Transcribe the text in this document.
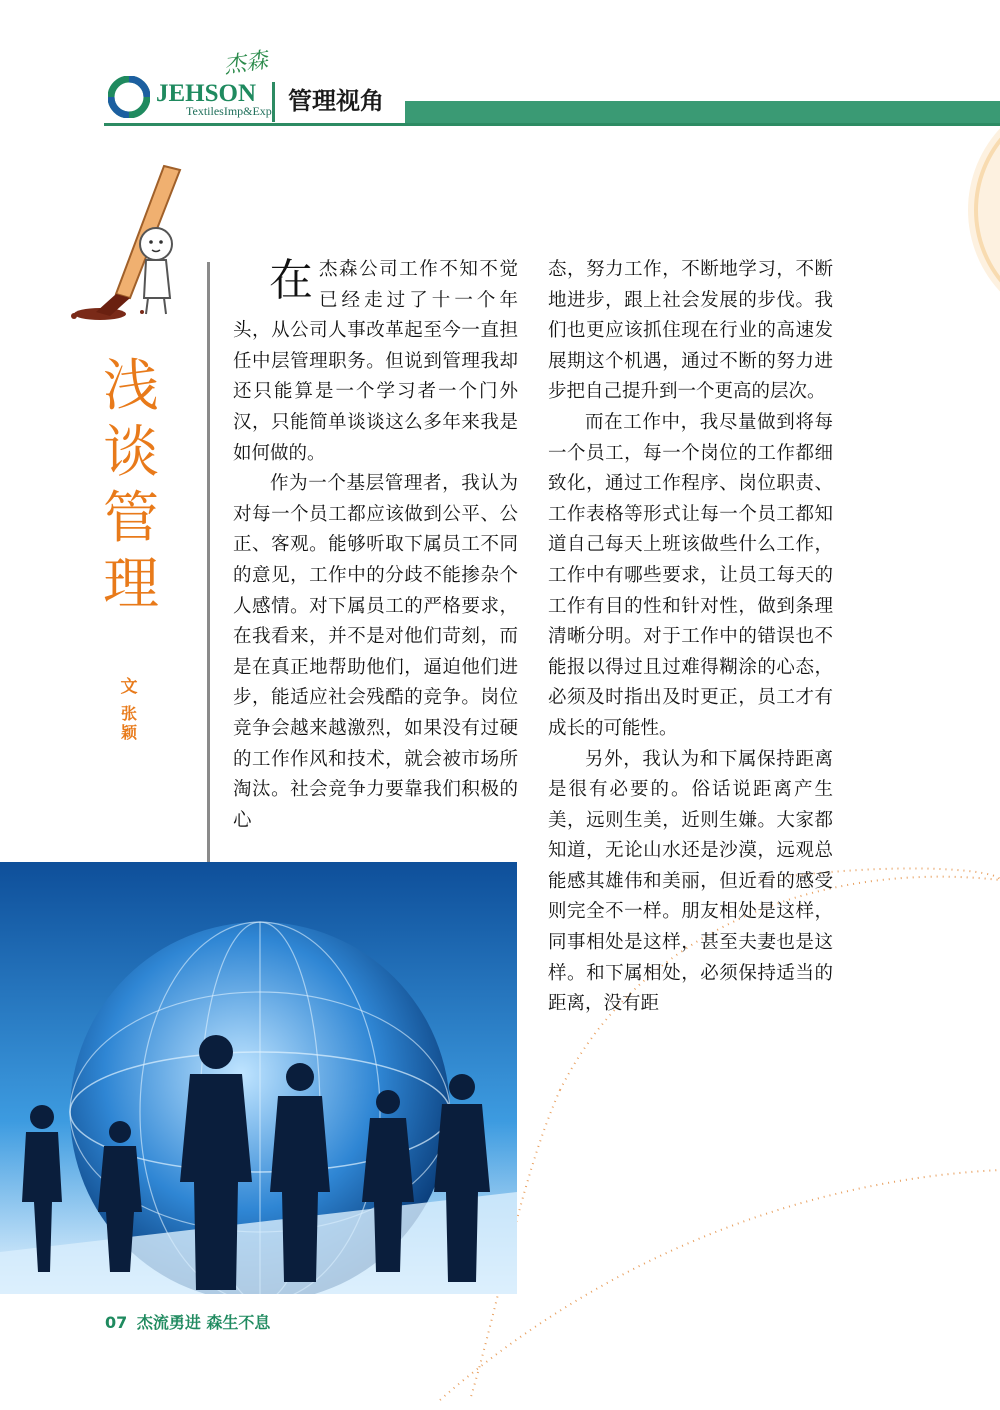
JEHSON
杰森
TextilesImp&Exp 管理视角
浅
谈
管
理
文
张颖

在杰森公司工作不知不觉已经走过了十一个年头，从公司人事改革起至今一直担任中层管理职务。但说到管理我却还只能算是一个学习者一个门外汉，只能简单谈谈这么多年来我是如何做的。

作为一个基层管理者，我认为对每一个员工都应该做到公平、公正、客观。能够听取下属员工不同的意见，工作中的分歧不能掺杂个人感情。对下属员工的严格要求，在我看来，并不是对他们苛刻，而是在真正地帮助他们，逼迫他们进步，能适应社会残酷的竞争。岗位竞争会越来越激烈，如果没有过硬的工作作风和技术，就会被市场所淘汰。社会竞争力要靠我们积极的心

态，努力工作，不断地学习，不断地进步，跟上社会发展的步伐。我们也更应该抓住现在行业的高速发展期这个机遇，通过不断的努力进步把自己提升到一个更高的层次。

而在工作中，我尽量做到将每一个员工，每一个岗位的工作都细致化，通过工作程序、岗位职责、工作表格等形式让每一个员工都知道自己每天上班该做些什么工作，工作中有哪些要求，让员工每天的工作有目的性和针对性，做到条理清晰分明。对于工作中的错误也不能报以得过且过难得糊涂的心态，必须及时指出及时更正，员工才有成长的可能性。

另外，我认为和下属保持距离是很有必要的。俗话说距离产生美，远则生美，近则生嫌。大家都知道，无论山水还是沙漠，远观总能感其雄伟和美丽，但近看的感受则完全不一样。朋友相处是这样，同事相处是这样，甚至夫妻也是这样。和下属相处，必须保持适当的距离，没有距

07 杰流勇进 森生不息
